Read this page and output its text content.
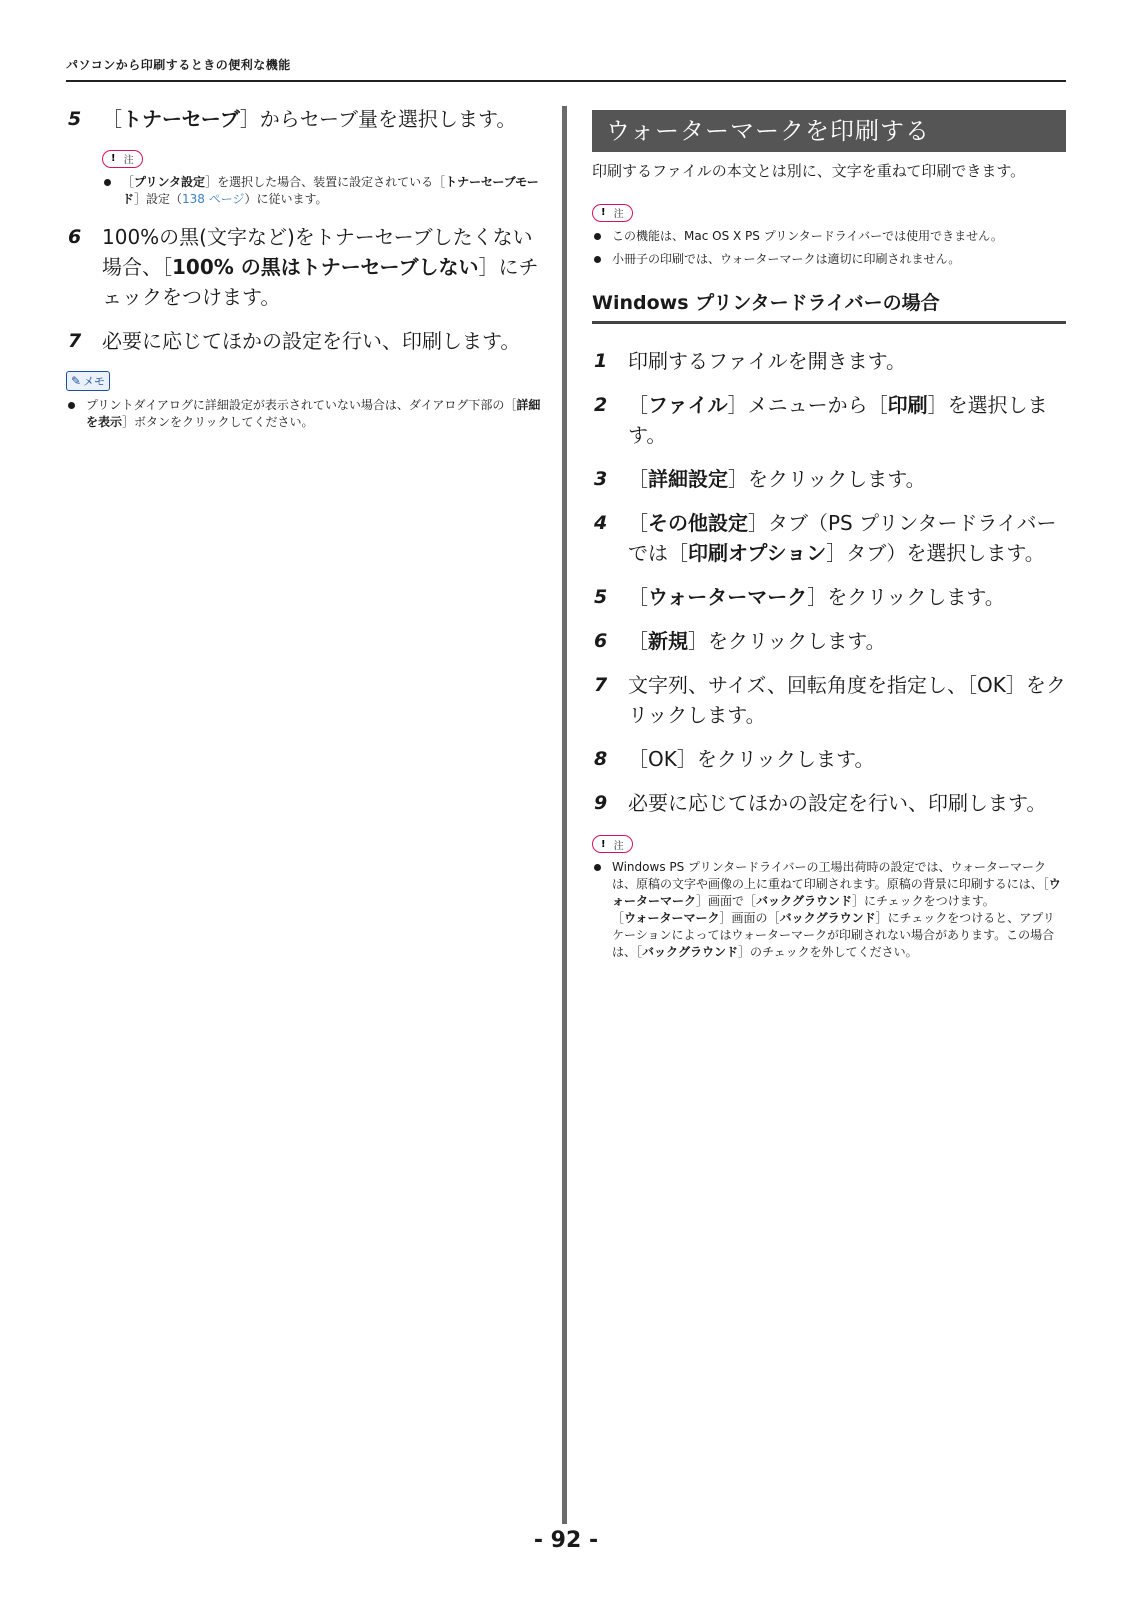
パソコンから印刷するときの便利な機能
5 ［トナーセーブ］からセーブ量を選択します。
! 注
［プリンタ設定］を選択した場合、装置に設定されている［トナーセーブモード］設定（138 ページ）に従います。
6 100%の黒(文字など)をトナーセーブしたくない場合、［100% の黒はトナーセーブしない］にチェックをつけます。
7 必要に応じてほかの設定を行い、印刷します。
✎ メモ
プリントダイアログに詳細設定が表示されていない場合は、ダイアログ下部の［詳細を表示］ボタンをクリックしてください。
ウォーターマークを印刷する
印刷するファイルの本文とは別に、文字を重ねて印刷できます。
! 注
この機能は、Mac OS X PS プリンタードライバーでは使用できません。
小冊子の印刷では、ウォーターマークは適切に印刷されません。
Windows プリンタードライバーの場合
1 印刷するファイルを開きます。
2 ［ファイル］メニューから［印刷］を選択します。
3 ［詳細設定］をクリックします。
4 ［その他設定］タブ（PS プリンタードライバーでは［印刷オプション］タブ）を選択します。
5 ［ウォーターマーク］をクリックします。
6 ［新規］をクリックします。
7 文字列、サイズ、回転角度を指定し、［OK］をクリックします。
8 ［OK］をクリックします。
9 必要に応じてほかの設定を行い、印刷します。
! 注
Windows PS プリンタードライバーの工場出荷時の設定では、ウォーターマークは、原稿の文字や画像の上に重ねて印刷されます。原稿の背景に印刷するには、［ウォーターマーク］画面で［バックグラウンド］にチェックをつけます。
［ウォーターマーク］画面の［バックグラウンド］にチェックをつけると、アプリケーションによってはウォーターマークが印刷されない場合があります。この場合は、［バックグラウンド］のチェックを外してください。
- 92 -
